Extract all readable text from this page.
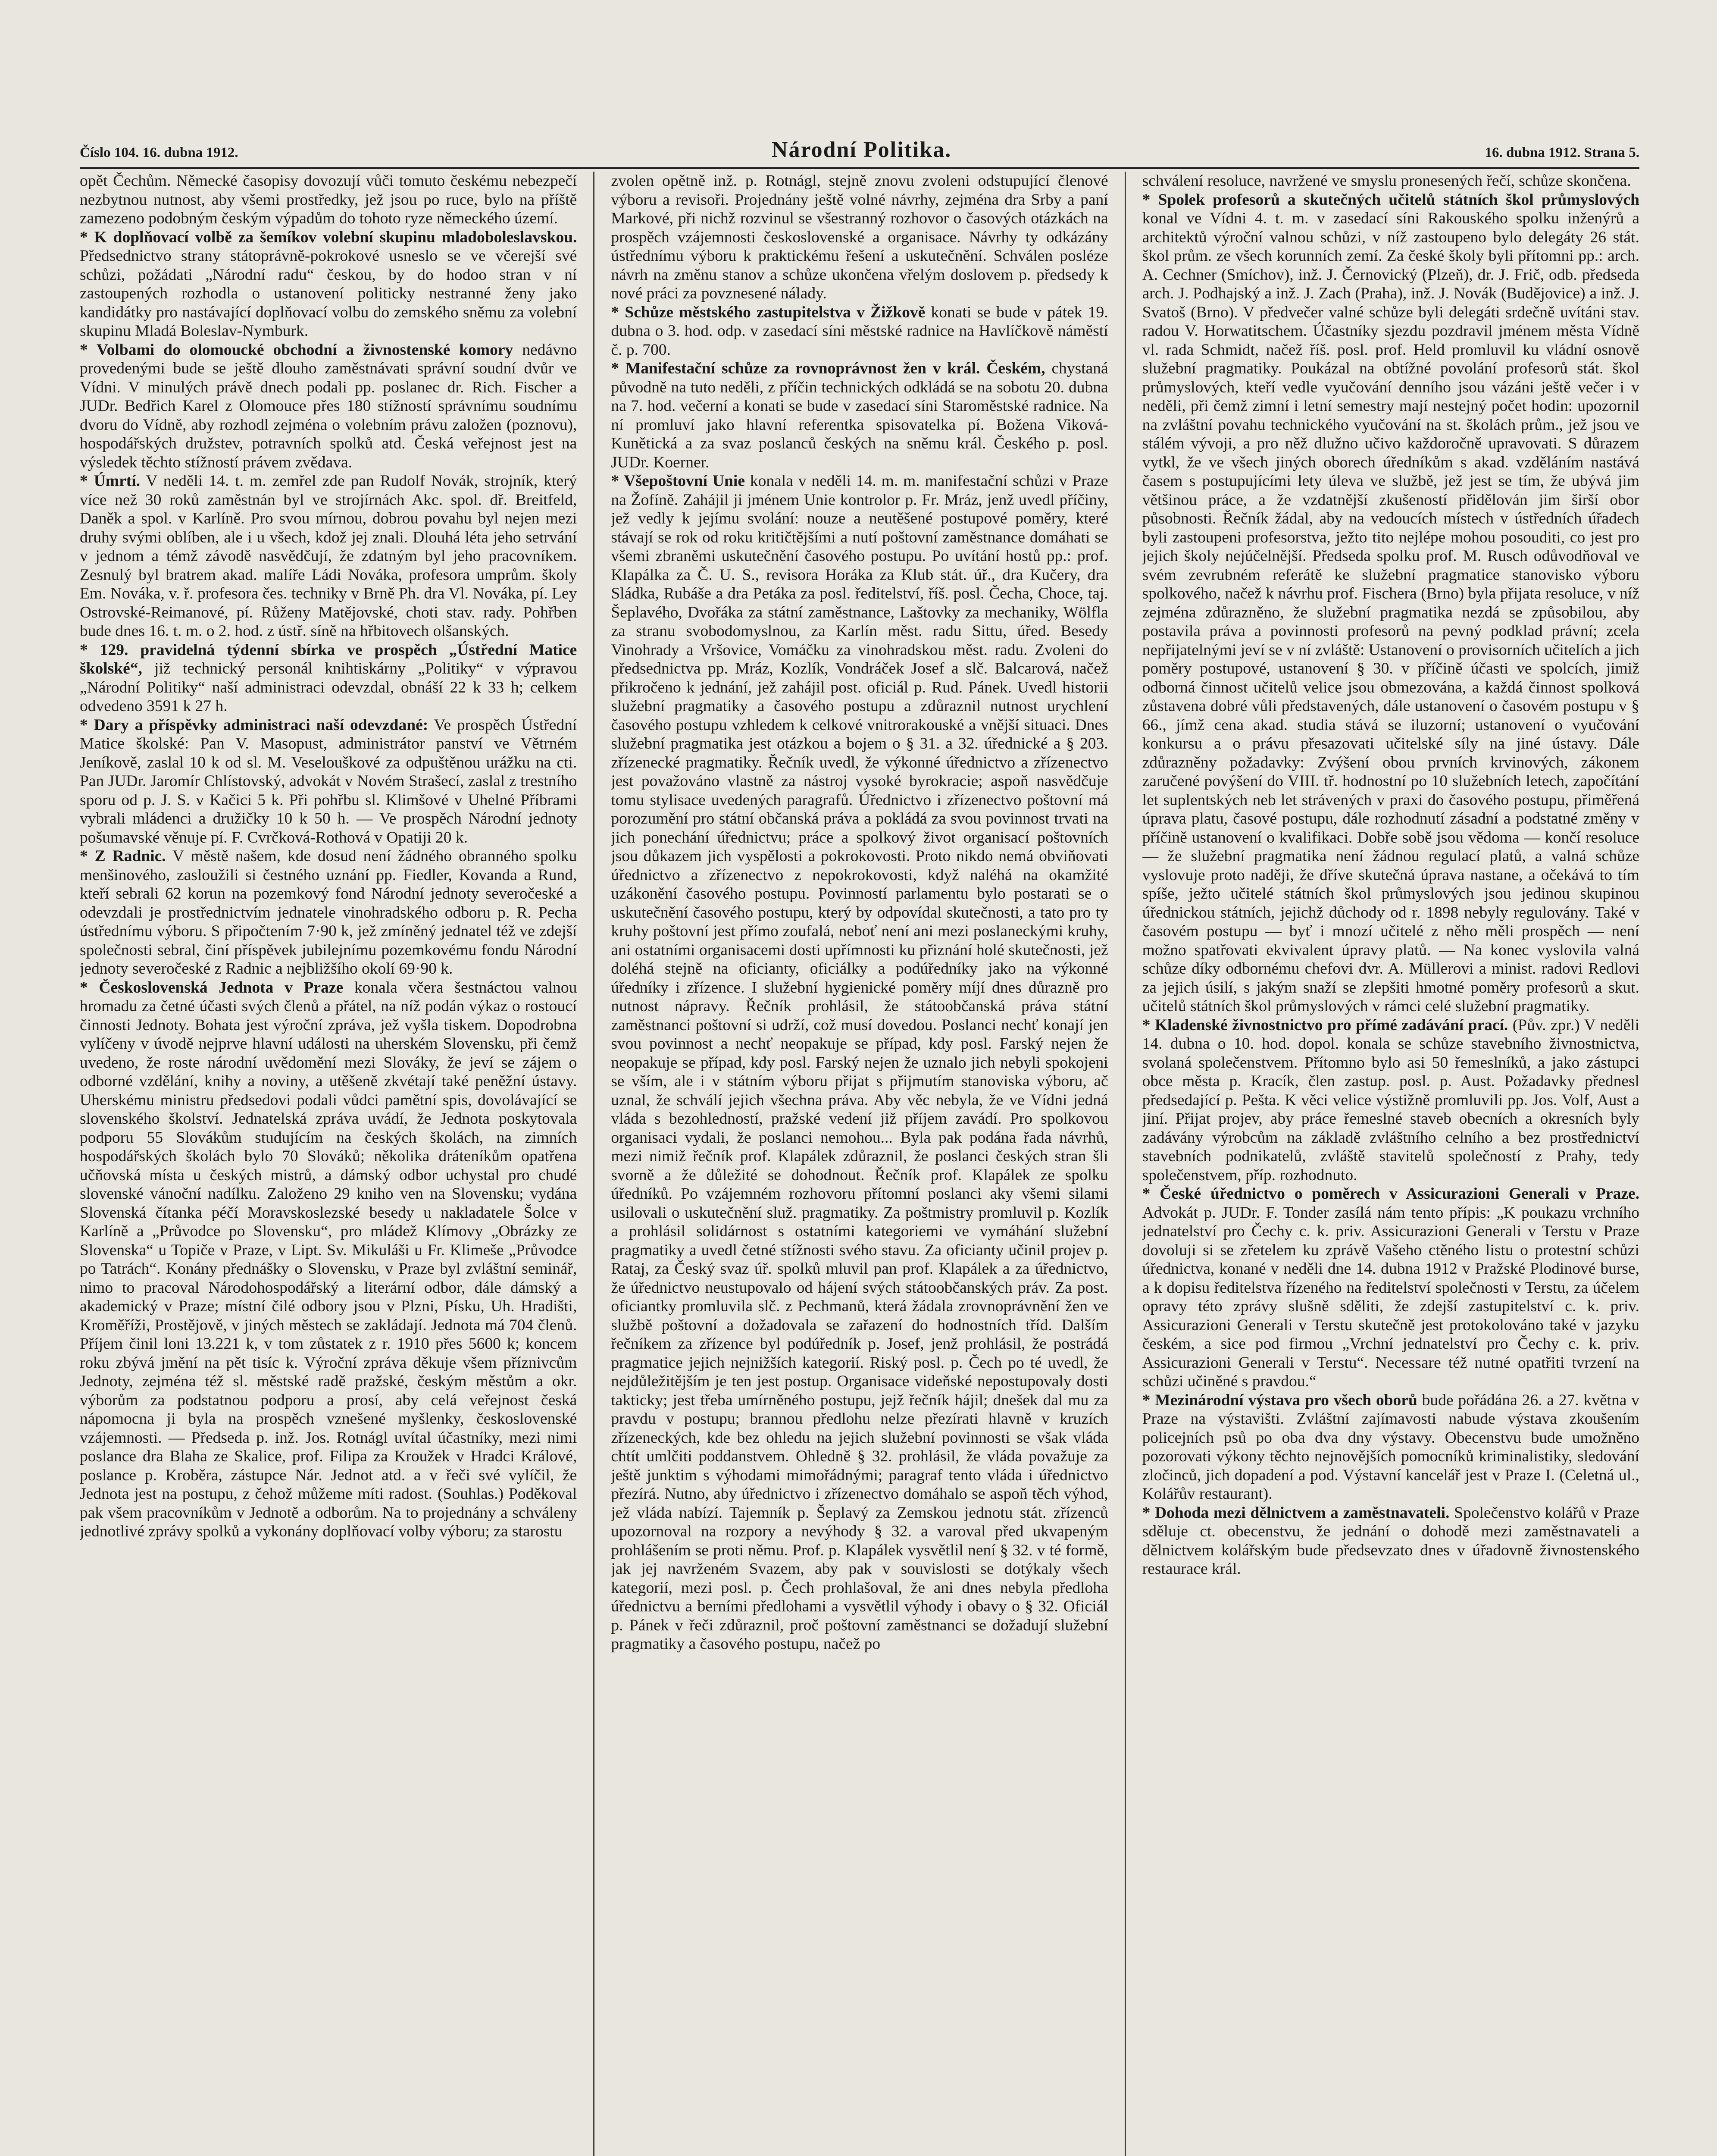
Číslo 104. 16. dubna 1912.	Národní Politika.	16. dubna 1912. Strana 5.

opět Čechům. Německé časopisy dovozují vůči tomuto českému nebezpečí nezbytnou nutnost, aby všemi prostředky, jež jsou po ruce, bylo na příště zamezeno podobným českým výpadům do tohoto ryze německého území.

* K doplňovací volbě za šemíkov volební skupinu mladoboleslavskou. Předsednictvo strany státoprávně-pokrokové usneslo se ve včerejší své schůzi, požádati „Národní radu“ českou, by do hodoo stran v ní zastoupených rozhodla o ustanovení politicky nestranné ženy jako kandidátky pro nastávající doplňovací volbu do zemského sněmu za volební skupinu Mladá Boleslav-Nymburk.

* Volbami do olomoucké obchodní a živnostenské komory nedávno provedenými bude se ještě dlouho zaměstnávati správní soudní dvůr ve Vídni. V minulých právě dnech podali pp. poslanec dr. Rich. Fischer a JUDr. Bedřich Karel z Olomouce přes 180 stížností správnímu soudnímu dvoru do Vídně, aby rozhodl zejména o volebním právu založen (poznovu), hospodářských družstev, potravních spolků atd. Česká veřejnost jest na výsledek těchto stížností právem zvědava.

* Úmrtí. V neděli 14. t. m. zemřel zde pan Rudolf Novák, strojník, který více než 30 roků zaměstnán byl ve strojírnách Akc. spol. dř. Breitfeld, Daněk a spol. v Karlíně. Pro svou mírnou, dobrou povahu byl nejen mezi druhy svými oblíben, ale i u všech, kdož jej znali. Dlouhá léta jeho setrvání v jednom a témž závodě nasvědčují, že zdatným byl jeho pracovníkem. Zesnulý byl bratrem akad. malíře Ládi Nováka, profesora umprům. školy Em. Nováka, v. ř. profesora čes. techniky v Brně Ph. dra Vl. Nováka, pí. Ley Ostrovské-Reimanové, pí. Růženy Matějovské, choti stav. rady. Pohřben bude dnes 16. t. m. o 2. hod. z ústř. síně na hřbitovech olšanských.

* 129. pravidelná týdenní sbírka ve prospěch „Ústřední Matice školské“, již technický personál knihtiskárny „Politiky“ v výpravou „Národní Politiky“ naší administraci odevzdal, obnáší 22 k 33 h; celkem odvedeno 3591 k 27 h.

* Dary a příspěvky administraci naší odevzdané: Ve prospěch Ústřední Matice školské: Pan V. Masopust, administrátor panství ve Větrném Jeníkově, zaslal 10 k od sl. M. Veselouškové za odpuštěnou urážku na cti. Pan JUDr. Jaromír Chlístovský, advokát v Novém Strašecí, zaslal z trestního sporu od p. J. S. v Kačici 5 k. Při pohřbu sl. Klimšové v Uhelné Příbrami vybrali mládenci a družičky 10 k 50 h. — Ve prospěch Národní jednoty pošumavské věnuje pí. F. Cvrčková-Rothová v Opatiji 20 k.

* Z Radnic. V městě našem, kde dosud není žádného obranného spolku menšinového, zasloužili si čestného uznání pp. Fiedler, Kovanda a Rund, kteří sebrali 62 korun na pozemkový fond Národní jednoty severočeské a odevzdali je prostřednictvím jednatele vinohradského odboru p. R. Pecha ústřednímu výboru. S připočtením 7·90 k, jež zmíněný jednatel též ve zdejší společnosti sebral, činí příspěvek jubilejnímu pozemkovému fondu Národní jednoty severočeské z Radnic a nejbližšího okolí 69·90 k.

* Československá Jednota v Praze konala včera šestnáctou valnou hromadu za četné účasti svých členů a přátel, na níž podán výkaz o rostoucí činnosti Jednoty. Bohata jest výroční zpráva, jež vyšla tiskem. Dopodrobna vylíčeny v úvodě nejprve hlavní události na uherském Slovensku, při čemž uvedeno, že roste národní uvědomění mezi Slováky, že jeví se zájem o odborné vzdělání, knihy a noviny, a utěšeně zkvétají také peněžní ústavy. Uherskému ministru předsedovi podali vůdci pamětní spis, dovolávající se slovenského školství. Jednatelská zpráva uvádí, že Jednota poskytovala podporu 55 Slovákům studujícím na českých školách, na zimních hospodářských školách bylo 70 Slováků; několika dráteníkům opatřena učňovská místa u českých mistrů, a dámský odbor uchystal pro chudé slovenské vánoční nadílku. Založeno 29 kniho ven na Slovensku; vydána Slovenská čítanka péčí Moravskoslezské besedy u nakladatele Šolce v Karlíně a „Průvodce po Slovensku“, pro mládež Klímovy „Obrázky ze Slovenska“ u Topiče v Praze, v Lipt. Sv. Mikuláši u Fr. Klimeše „Průvodce po Tatrách“. Konány přednášky o Slovensku, v Praze byl zvláštní seminář, nimo to pracoval Národohospodářský a literární odbor, dále dámský a akademický v Praze; místní čilé odbory jsou v Plzni, Písku, Uh. Hradišti, Kroměříži, Prostějově, v jiných městech se zakládají. Jednota má 704 členů. Příjem činil loni 13.221 k, v tom zůstatek z r. 1910 přes 5600 k; koncem roku zbývá jmění na pět tisíc k. Výroční zpráva děkuje všem příznivcům Jednoty, zejména též sl. městské radě pražské, českým městům a okr. výborům za podstatnou podporu a prosí, aby celá veřejnost česká nápomocna ji byla na prospěch vznešené myšlenky, československé vzájemnosti. — Předseda p. inž. Jos. Rotnágl uvítal účastníky, mezi nimi poslance dra Blaha ze Skalice, prof. Filipa za Kroužek v Hradci Králové, poslance p. Kroběra, zástupce Nár. Jednot atd. a v řeči své vylíčil, že Jednota jest na postupu, z čehož můžeme míti radost. (Souhlas.) Poděkoval pak všem pracovníkům v Jednotě a odborům. Na to projednány a schváleny jednotlivé zprávy spolků a vykonány doplňovací volby výboru; za starostu

zvolen opětně inž. p. Rotnágl, stejně znovu zvoleni odstupující členové výboru a revisoři. Projednány ještě volné návrhy, zejména dra Srby a paní Markové, při nichž rozvinul se všestranný rozhovor o časových otázkách na prospěch vzájemnosti československé a organisace. Návrhy ty odkázány ústřednímu výboru k praktickému řešení a uskutečnění. Schválen posléze návrh na změnu stanov a schůze ukončena vřelým doslovem p. předsedy k nové práci za povznesené nálady.

* Schůze městského zastupitelstva v Žižkově konati se bude v pátek 19. dubna o 3. hod. odp. v zasedací síni městské radnice na Havlíčkově náměstí č. p. 700.

* Manifestační schůze za rovnoprávnost žen v král. Českém, chystaná původně na tuto neděli, z příčin technických odkládá se na sobotu 20. dubna na 7. hod. večerní a konati se bude v zasedací síni Staroměstské radnice. Na ní promluví jako hlavní referentka spisovatelka pí. Božena Viková-Kunětická a za svaz poslanců českých na sněmu král. Českého p. posl. JUDr. Koerner.

* Všepoštovní Unie konala v neděli 14. m. m. manifestační schůzi v Praze na Žofíně. Zahájil ji jménem Unie kontrolor p. Fr. Mráz, jenž uvedl příčiny, jež vedly k jejímu svolání: nouze a neutěšené postupové poměry, které stávají se rok od roku kritičtějšími a nutí poštovní zaměstnance domáhati se všemi zbraněmi uskutečnění časového postupu. Po uvítání hostů pp.: prof. Klapálka za Č. U. S., revisora Horáka za Klub stát. úř., dra Kučery, dra Sládka, Rubáše a dra Petáka za posl. ředitelství, říš. posl. Čecha, Choce, taj. Šeplavého, Dvořáka za státní zaměstnance, Laštovky za mechaniky, Wölfla za stranu svobodomyslnou, za Karlín měst. radu Sittu, úřed. Besedy Vinohrady a Vršovice, Vomáčku za vinohradskou měst. radu. Zvoleni do předsednictva pp. Mráz, Kozlík, Vondráček Josef a slč. Balcarová, načež přikročeno k jednání, jež zahájil post. oficiál p. Rud. Pánek. Uvedl historii služební pragmatiky a časového postupu a zdůraznil nutnost urychlení časového postupu vzhledem k celkové vnitrorakouské a vnější situaci. Dnes služební pragmatika jest otázkou a bojem o § 31. a 32. úřednické a § 203. zřízenecké pragmatiky. Řečník uvedl, že výkonné úřednictvo a zřízenectvo jest považováno vlastně za nástroj vysoké byrokracie; aspoň nasvědčuje tomu stylisace uvedených paragrafů. Úřednictvo i zřízenectvo poštovní má porozumění pro státní občanská práva a pokládá za svou povinnost trvati na jich ponechání úřednictvu; práce a spolkový život organisací poštovních jsou důkazem jich vyspělosti a pokrokovosti. Proto nikdo nemá obviňovati úřednictvo a zřízenectvo z nepokrokovosti, když naléhá na okamžité uzákonění časového postupu. Povinností parlamentu bylo postarati se o uskutečnění časového postupu, který by odpovídal skutečnosti, a tato pro ty kruhy poštovní jest přímo zoufalá, neboť není ani mezi poslaneckými kruhy, ani ostatními organisacemi dosti upřímnosti ku přiznání holé skutečnosti, jež doléhá stejně na oficianty, oficiálky a podúředníky jako na výkonné úředníky i zřízence. I služební hygienické poměry míjí dnes důrazně pro nutnost nápravy. Řečník prohlásil, že státoobčanská práva státní zaměstnanci poštovní si udrží, což musí dovedou. Poslanci nechť konají jen svou povinnost a nechť neopakuje se případ, kdy posl. Farský nejen že neopakuje se případ, kdy posl. Farský nejen že uznalo jich nebyli spokojeni se vším, ale i v státním výboru přijat s přijmutím stanoviska výboru, ač uznal, že schválí jejich všechna práva. Aby věc nebyla, že ve Vídni jedná vláda s bezohledností, pražské vedení již příjem zavádí. Pro spolkovou organisaci vydali, že poslanci nemohou... Byla pak podána řada návrhů, mezi nimiž řečník prof. Klapálek zdůraznil, že poslanci českých stran šli svorně a že důležité se dohodnout. Řečník prof. Klapálek ze spolku úředníků. Po vzájemném rozhovoru přítomní poslanci aky všemi silami usilovali o uskutečnění služ. pragmatiky. Za poštmistry promluvil p. Kozlík a prohlásil solidárnost s ostatními kategoriemi ve vymáhání služební pragmatiky a uvedl četné stížnosti svého stavu. Za oficianty učinil projev p. Rataj, za Český svaz úř. spolků mluvil pan prof. Klapálek a za úřednictvo, že úřednictvo neustupovalo od hájení svých státoobčanských práv. Za post. oficiantky promluvila slč. z Pechmanů, která žádala zrovnoprávnění žen ve službě poštovní a dožadovala se zařazení do hodnostních tříd. Dalším řečníkem za zřízence byl podúředník p. Josef, jenž prohlásil, že postrádá pragmatice jejich nejnižších kategorií. Riský posl. p. Čech po té uvedl, že nejdůležitějším je ten jest postup. Organisace videňské nepostupovaly dosti takticky; jest třeba umírněného postupu, jejž řečník hájil; dnešek dal mu za pravdu v postupu; brannou předlohu nelze přezírati hlavně v kruzích zřízeneckých, kde bez ohledu na jejich služební povinnosti se však vláda chtít umlčiti poddanstvem. Ohledně § 32. prohlásil, že vláda považuje za ještě junktim s výhodami mimořádnými; paragraf tento vláda i úřednictvo přezírá. Nutno, aby úřednictvo i zřízenectvo domáhalo se aspoň těch výhod, jež vláda nabízí. Tajemník p. Šeplavý za Zemskou jednotu stát. zřízenců upozornoval na rozpory a nevýhody § 32. a varoval před ukvapeným prohlášením se proti němu. Prof. p. Klapálek vysvětlil není § 32. v té formě, jak jej navrženém Svazem, aby pak v souvislosti se dotýkaly všech kategorií, mezi posl. p. Čech prohlašoval, že ani dnes nebyla předloha úřednictvu a berními předlohami a vysvětlil výhody i obavy o § 32. Oficiál p. Pánek v řeči zdůraznil, proč poštovní zaměstnanci se dožadují služební pragmatiky a časového postupu, načež po

schválení resoluce, navržené ve smyslu pronesených řečí, schůze skončena.

* Spolek profesorů a skutečných učitelů státních škol průmyslových konal ve Vídni 4. t. m. v zasedací síni Rakouského spolku inženýrů a architektů výroční valnou schůzi, v níž zastoupeno bylo delegáty 26 stát. škol prům. ze všech korunních zemí. Za české školy byli přítomni pp.: arch. A. Cechner (Smíchov), inž. J. Černovický (Plzeň), dr. J. Frič, odb. předseda arch. J. Podhajský a inž. J. Zach (Praha), inž. J. Novák (Budějovice) a inž. J. Svatoš (Brno). V předvečer valné schůze byli delegáti srdečně uvítáni stav. radou V. Horwatitschem. Účastníky sjezdu pozdravil jménem města Vídně vl. rada Schmidt, načež říš. posl. prof. Held promluvil ku vládní osnově služební pragmatiky. Poukázal na obtížné povolání profesorů stát. škol průmyslových, kteří vedle vyučování denního jsou vázáni ještě večer i v neděli, při čemž zimní i letní semestry mají nestejný počet hodin: upozornil na zvláštní povahu technického vyučování na st. školách prům., jež jsou ve stálém vývoji, a pro něž dlužno učivo každoročně upravovati. S důrazem vytkl, že ve všech jiných oborech úředníkům s akad. vzděláním nastává časem s postupujícími lety úleva ve službě, jež jest se tím, že ubývá jim většinou práce, a že vzdatnější zkušeností přidělován jim širší obor působnosti. Řečník žádal, aby na vedoucích místech v ústředních úřadech byli zastoupeni profesorstva, ježto tito nejlépe mohou posouditi, co jest pro jejich školy nejúčelnější. Předseda spolku prof. M. Rusch odůvodňoval ve svém zevrubném referátě ke služební pragmatice stanovisko výboru spolkového, načež k návrhu prof. Fischera (Brno) byla přijata resoluce, v níž zejména zdůrazněno, že služební pragmatika nezdá se způsobilou, aby postavila práva a povinnosti profesorů na pevný podklad právní; zcela nepřijatelnými jeví se v ní zvláště: Ustanovení o provisorních učitelích a jich poměry postupové, ustanovení § 30. v příčině účasti ve spolcích, jimiž odborná činnost učitelů velice jsou obmezována, a každá činnost spolková zůstavena dobré vůli představených, dále ustanovení o časovém postupu v § 66., jímž cena akad. studia stává se iluzorní; ustanovení o vyučování konkursu a o právu přesazovati učitelské síly na jiné ústavy. Dále zdůrazněny požadavky: Zvýšení obou prvních krvinových, zákonem zaručené povýšení do VIII. tř. hodnostní po 10 služebních letech, započítání let suplentských neb let strávených v praxi do časového postupu, přiměřená úprava platu, časové postupu, dále rozhodnutí zásadní a podstatné změny v příčině ustanovení o kvalifikaci. Dobře sobě jsou vědoma — končí resoluce — že služební pragmatika není žádnou regulací platů, a valná schůze vyslovuje proto naději, že dříve skutečná úprava nastane, a očekává to tím spíše, ježto učitelé státních škol průmyslových jsou jedinou skupinou úřednickou státních, jejichž důchody od r. 1898 nebyly regulovány. Také v časovém postupu — byť i mnozí učitelé z něho měli prospěch — není možno spatřovati ekvivalent úpravy platů. — Na konec vyslovila valná schůze díky odbornému chefovi dvr. A. Müllerovi a minist. radovi Redlovi za jejich úsilí, s jakým snaží se zlepšiti hmotné poměry profesorů a skut. učitelů státních škol průmyslových v rámci celé služební pragmatiky.

* Kladenské živnostnictvo pro přímé zadávání prací. (Pův. zpr.) V neděli 14. dubna o 10. hod. dopol. konala se schůze stavebního živnostnictva, svolaná společenstvem. Přítomno bylo asi 50 řemeslníků, a jako zástupci obce města p. Kracík, člen zastup. posl. p. Aust. Požadavky přednesl předsedající p. Pešta. K věci velice výstižně promluvili pp. Jos. Volf, Aust a jiní. Přijat projev, aby práce řemeslné staveb obecních a okresních byly zadávány výrobcům na základě zvláštního celního a bez prostřednictví stavebních podnikatelů, zvláště stavitelů společností z Prahy, tedy společenstvem, příp. rozhodnuto.

* České úřednictvo o poměrech v Assicurazioni Generali v Praze. Advokát p. JUDr. F. Tonder zasílá nám tento přípis: „K poukazu vrchního jednatelství pro Čechy c. k. priv. Assicurazioni Generali v Terstu v Praze dovoluji si se zřetelem ku zprávě Vašeho ctěného listu o protestní schůzi úřednictva, konané v neděli dne 14. dubna 1912 v Pražské Plodinové burse, a k dopisu ředitelstva řízeného na ředitelství společnosti v Terstu, za účelem opravy této zprávy slušně sděliti, že zdejší zastupitelství c. k. priv. Assicurazioni Generali v Terstu skutečně jest protokolováno také v jazyku českém, a sice pod firmou „Vrchní jednatelství pro Čechy c. k. priv. Assicurazioni Generali v Terstu“. Necessare též nutné opatřiti tvrzení na schůzi učiněné s pravdou.“

* Mezinárodní výstava pro všech oborů bude pořádána 26. a 27. května v Praze na výstavišti. Zvláštní zajímavosti nabude výstava zkoušením policejních psů po oba dva dny výstavy. Obecenstvu bude umožněno pozorovati výkony těchto nejnovějších pomocníků kriminalistiky, sledování zločinců, jich dopadení a pod. Výstavní kancelář jest v Praze I. (Celetná ul., Kolářův restaurant).

* Dohoda mezi dělnictvem a zaměstnavateli. Společenstvo kolářů v Praze sděluje ct. obecenstvu, že jednání o dohodě mezi zaměstnavateli a dělnictvem kolářským bude předsevzato dnes v úřadovně živnostenského restaurace král.
